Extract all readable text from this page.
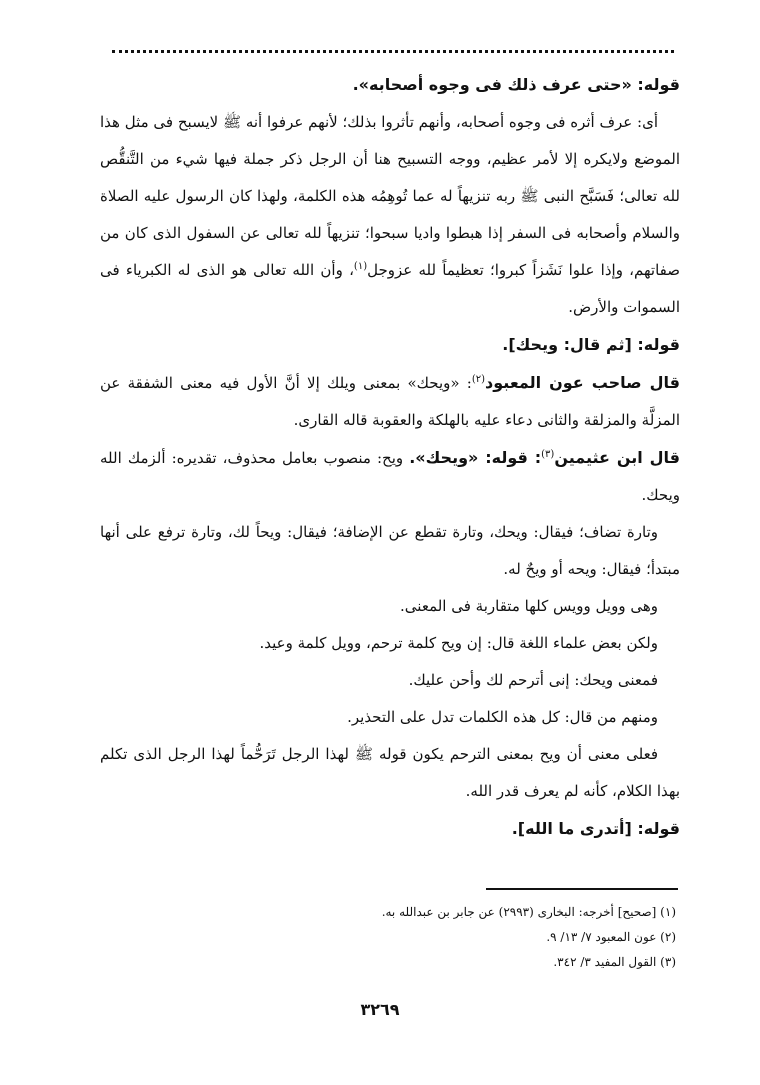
قوله: «حتى عرف ذلك فى وجوه أصحابه».

أى: عرف أثره فى وجوه أصحابه، وأنهم تأثروا بذلك؛ لأنهم عرفوا أنه ﷺ لايسبح فى مثل هذا الموضع ولايكره إلا لأمر عظيم، ووجه التسبيح هنا أن الرجل ذكر جملة فيها شيء من التَّنقُّص لله تعالى؛ فَسَبَّح النبى ﷺ ربه تنزيهاً له عما تُوهِمُه هذه الكلمة، ولهذا كان الرسول عليه الصلاة والسلام وأصحابه فى السفر إذا هبطوا واديا سبحوا؛ تنزيهاً لله تعالى عن السفول الذى كان من صفاتهم، وإذا علوا نَشَزاً كبروا؛ تعظيماً لله عزوجل$^{(١)}$، وأن الله تعالى هو الذى له الكبرياء فى السموات والأرض.

قوله: [ثم قال: ويحك].

قال صاحب عون المعبود$^{(٢)}$: «ويحك» بمعنى ويلك إلا أنَّ الأول فيه معنى الشفقة عن المزلَّة والمزلقة والثانى دعاء عليه بالهلكة والعقوبة قاله القارى.

قال ابن عثيمين$^{(٣)}$: قوله: «ويحك». ويح: منصوب بعامل محذوف، تقديره: ألزمك الله ويحك.

وتارة تضاف؛ فيقال: ويحك، وتارة تقطع عن الإضافة؛ فيقال: ويحاً لك، وتارة ترفع على أنها مبتدأ؛ فيقال: ويحه أو ويحٌ له.

وهى وويل وويس كلها متقاربة فى المعنى.

ولكن بعض علماء اللغة قال: إن ويح كلمة ترحم، وويل كلمة وعيد.

فمعنى ويحك: إنى أترحم لك وأحن عليك.

ومنهم من قال: كل هذه الكلمات تدل على التحذير.

فعلى معنى أن ويح بمعنى الترحم يكون قوله ﷺ لهذا الرجل تَرَحُّماً لهذا الرجل الذى تكلم بهذا الكلام، كأنه لم يعرف قدر الله.

قوله: [أتدرى ما الله].

(١) [صحيح] أخرجه: البخارى (٢٩٩٣) عن جابر بن عبدالله به.
(٢) عون المعبود ٧/ ١٣/ ٩.
(٣) القول المفيد ٣/ ٣٤٢.
٣٢٦٩
